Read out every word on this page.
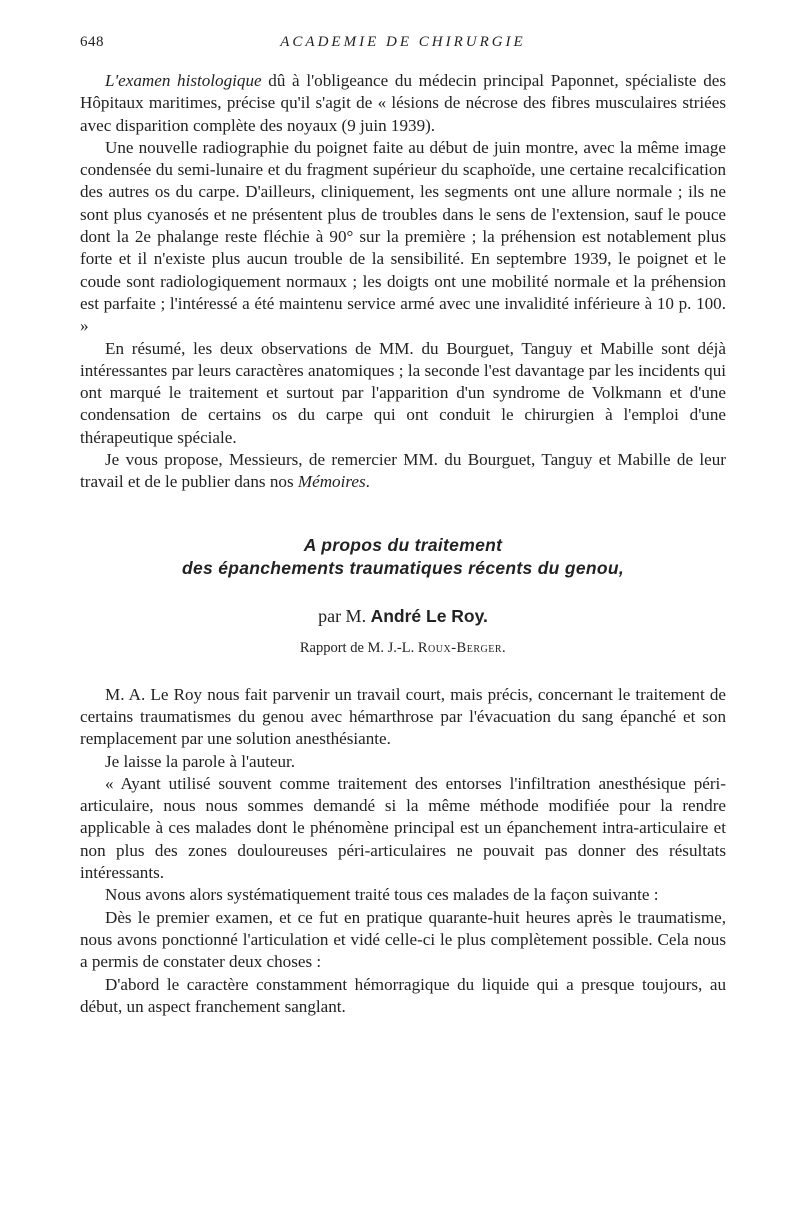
648	ACADEMIE DE CHIRURGIE

L'examen histologique dû à l'obligeance du médecin principal Paponnet, spécialiste des Hôpitaux maritimes, précise qu'il s'agit de « lésions de nécrose des fibres musculaires striées avec disparition complète des noyaux (9 juin 1939).

Une nouvelle radiographie du poignet faite au début de juin montre, avec la même image condensée du semi-lunaire et du fragment supérieur du scaphoïde, une certaine recalcification des autres os du carpe. D'ailleurs, cliniquement, les segments ont une allure normale ; ils ne sont plus cyanosés et ne présentent plus de troubles dans le sens de l'extension, sauf le pouce dont la 2e phalange reste fléchie à 90° sur la première ; la préhension est notablement plus forte et il n'existe plus aucun trouble de la sensibilité. En septembre 1939, le poignet et le coude sont radiologiquement normaux ; les doigts ont une mobilité normale et la préhension est parfaite ; l'intéressé a été maintenu service armé avec une invalidité inférieure à 10 p. 100. »

En résumé, les deux observations de MM. du Bourguet, Tanguy et Mabille sont déjà intéressantes par leurs caractères anatomiques ; la seconde l'est davantage par les incidents qui ont marqué le traitement et surtout par l'apparition d'un syndrome de Volkmann et d'une condensation de certains os du carpe qui ont conduit le chirurgien à l'emploi d'une thérapeutique spéciale.

Je vous propose, Messieurs, de remercier MM. du Bourguet, Tanguy et Mabille de leur travail et de le publier dans nos Mémoires.

A propos du traitement
des épanchements traumatiques récents du genou,
par M. André Le Roy.
Rapport de M. J.-L. Roux-Berger.

M. A. Le Roy nous fait parvenir un travail court, mais précis, concernant le traitement de certains traumatismes du genou avec hémarthrose par l'évacuation du sang épanché et son remplacement par une solution anesthésiante.

Je laisse la parole à l'auteur.

« Ayant utilisé souvent comme traitement des entorses l'infiltration anesthésique péri-articulaire, nous nous sommes demandé si la même méthode modifiée pour la rendre applicable à ces malades dont le phénomène principal est un épanchement intra-articulaire et non plus des zones douloureuses péri-articulaires ne pouvait pas donner des résultats intéressants.

Nous avons alors systématiquement traité tous ces malades de la façon suivante :

Dès le premier examen, et ce fut en pratique quarante-huit heures après le traumatisme, nous avons ponctionné l'articulation et vidé celle-ci le plus complètement possible. Cela nous a permis de constater deux choses :

D'abord le caractère constamment hémorragique du liquide qui a presque toujours, au début, un aspect franchement sanglant.
